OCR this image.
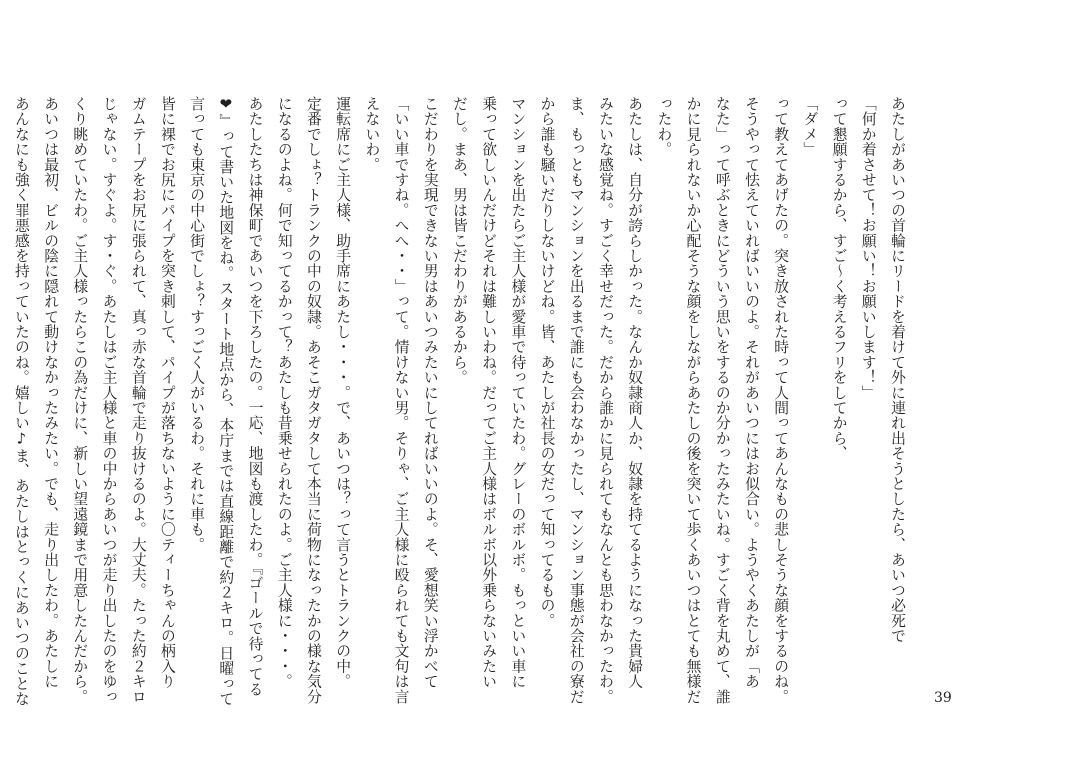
あたしがあいつの首輪にリードを着けて外に連れ出そうとしたら、あいつ必死で
「何か着させて！お願い！お願いします！」
って懇願するから、すご〜く考えるフリをしてから、
「ダメ」
って教えてあげたの。突き放された時って人間ってあんなもの悲しそうな顔をするのね。
そうやって怯えていればいいのよ。それがあいつにはお似合い。ようやくあたしが「あ
なた」って呼ぶときにどういう思いをするのか分かったみたいね。すごく背を丸めて、誰
かに見られないか心配そうな顔をしながらあたしの後を突いて歩くあいつはとても無様だ
ったわ。
あたしは、自分が誇らしかった。なんか奴隷商人か、奴隷を持てるようになった貴婦人
みたいな感覚ね。すごく幸せだった。だから誰かに見られてもなんとも思わなかったわ。
ま、もっともマンションを出るまで誰にも会わなかったし、マンション事態が会社の寮だ
から誰も騒いだりしないけどね。皆、あたしが社長の女だって知ってるもの。
マンションを出たらご主人様が愛車で待っていたわ。グレーのボルボ。もっといい車に
乗って欲しいんだけどそれは難しいわね。だってご主人様はボルボ以外乗らないみたい
だし。まあ、男は皆こだわりがあるから。
こだわりを実現できない男はあいつみたいにしてればいいのよ。そ、愛想笑い浮かべて
「いい車ですね。へへ・・」って。情けない男。そりゃ、ご主人様に殴られても文句は言
えないわ。
運転席にご主人様、助手席にあたし・・・。で、あいつは？って言うとトランクの中。
定番でしょ？トランクの中の奴隷。あそこガタガタして本当に荷物になったかの様な気分
になるのよね。何で知ってるかって？あたしも昔乗せられたのよ。ご主人様に・・・。
あたしたちは神保町であいつを下ろしたの。一応、地図も渡したわ。『ゴールで待ってる
❤』って書いた地図をね。スタート地点から、本庁までは直線距離で約２キロ。日曜って
言っても東京の中心街でしょ？すっごく人がいるわ。それに車も。
皆に裸でお尻にパイプを突き刺して、パイプが落ちないように〇ティーちゃんの柄入り
ガムテープをお尻に張られて、真っ赤な首輪で走り抜けるのよ。大丈夫。たった約２キロ
じゃない。すぐよ。す・ぐ。あたしはご主人様と車の中からあいつが走り出したのをゆっ
くり眺めていたわ。ご主人様ったらこの為だけに、新しい望遠鏡まで用意したんだから。
あいつは最初、ビルの陰に隠れて動けなかったみたい。でも、走り出したわ。あたしに
あんなにも強く罪悪感を持っていたのね。嬉しい♪ま、あたしはとっくにあいつのことな	39
